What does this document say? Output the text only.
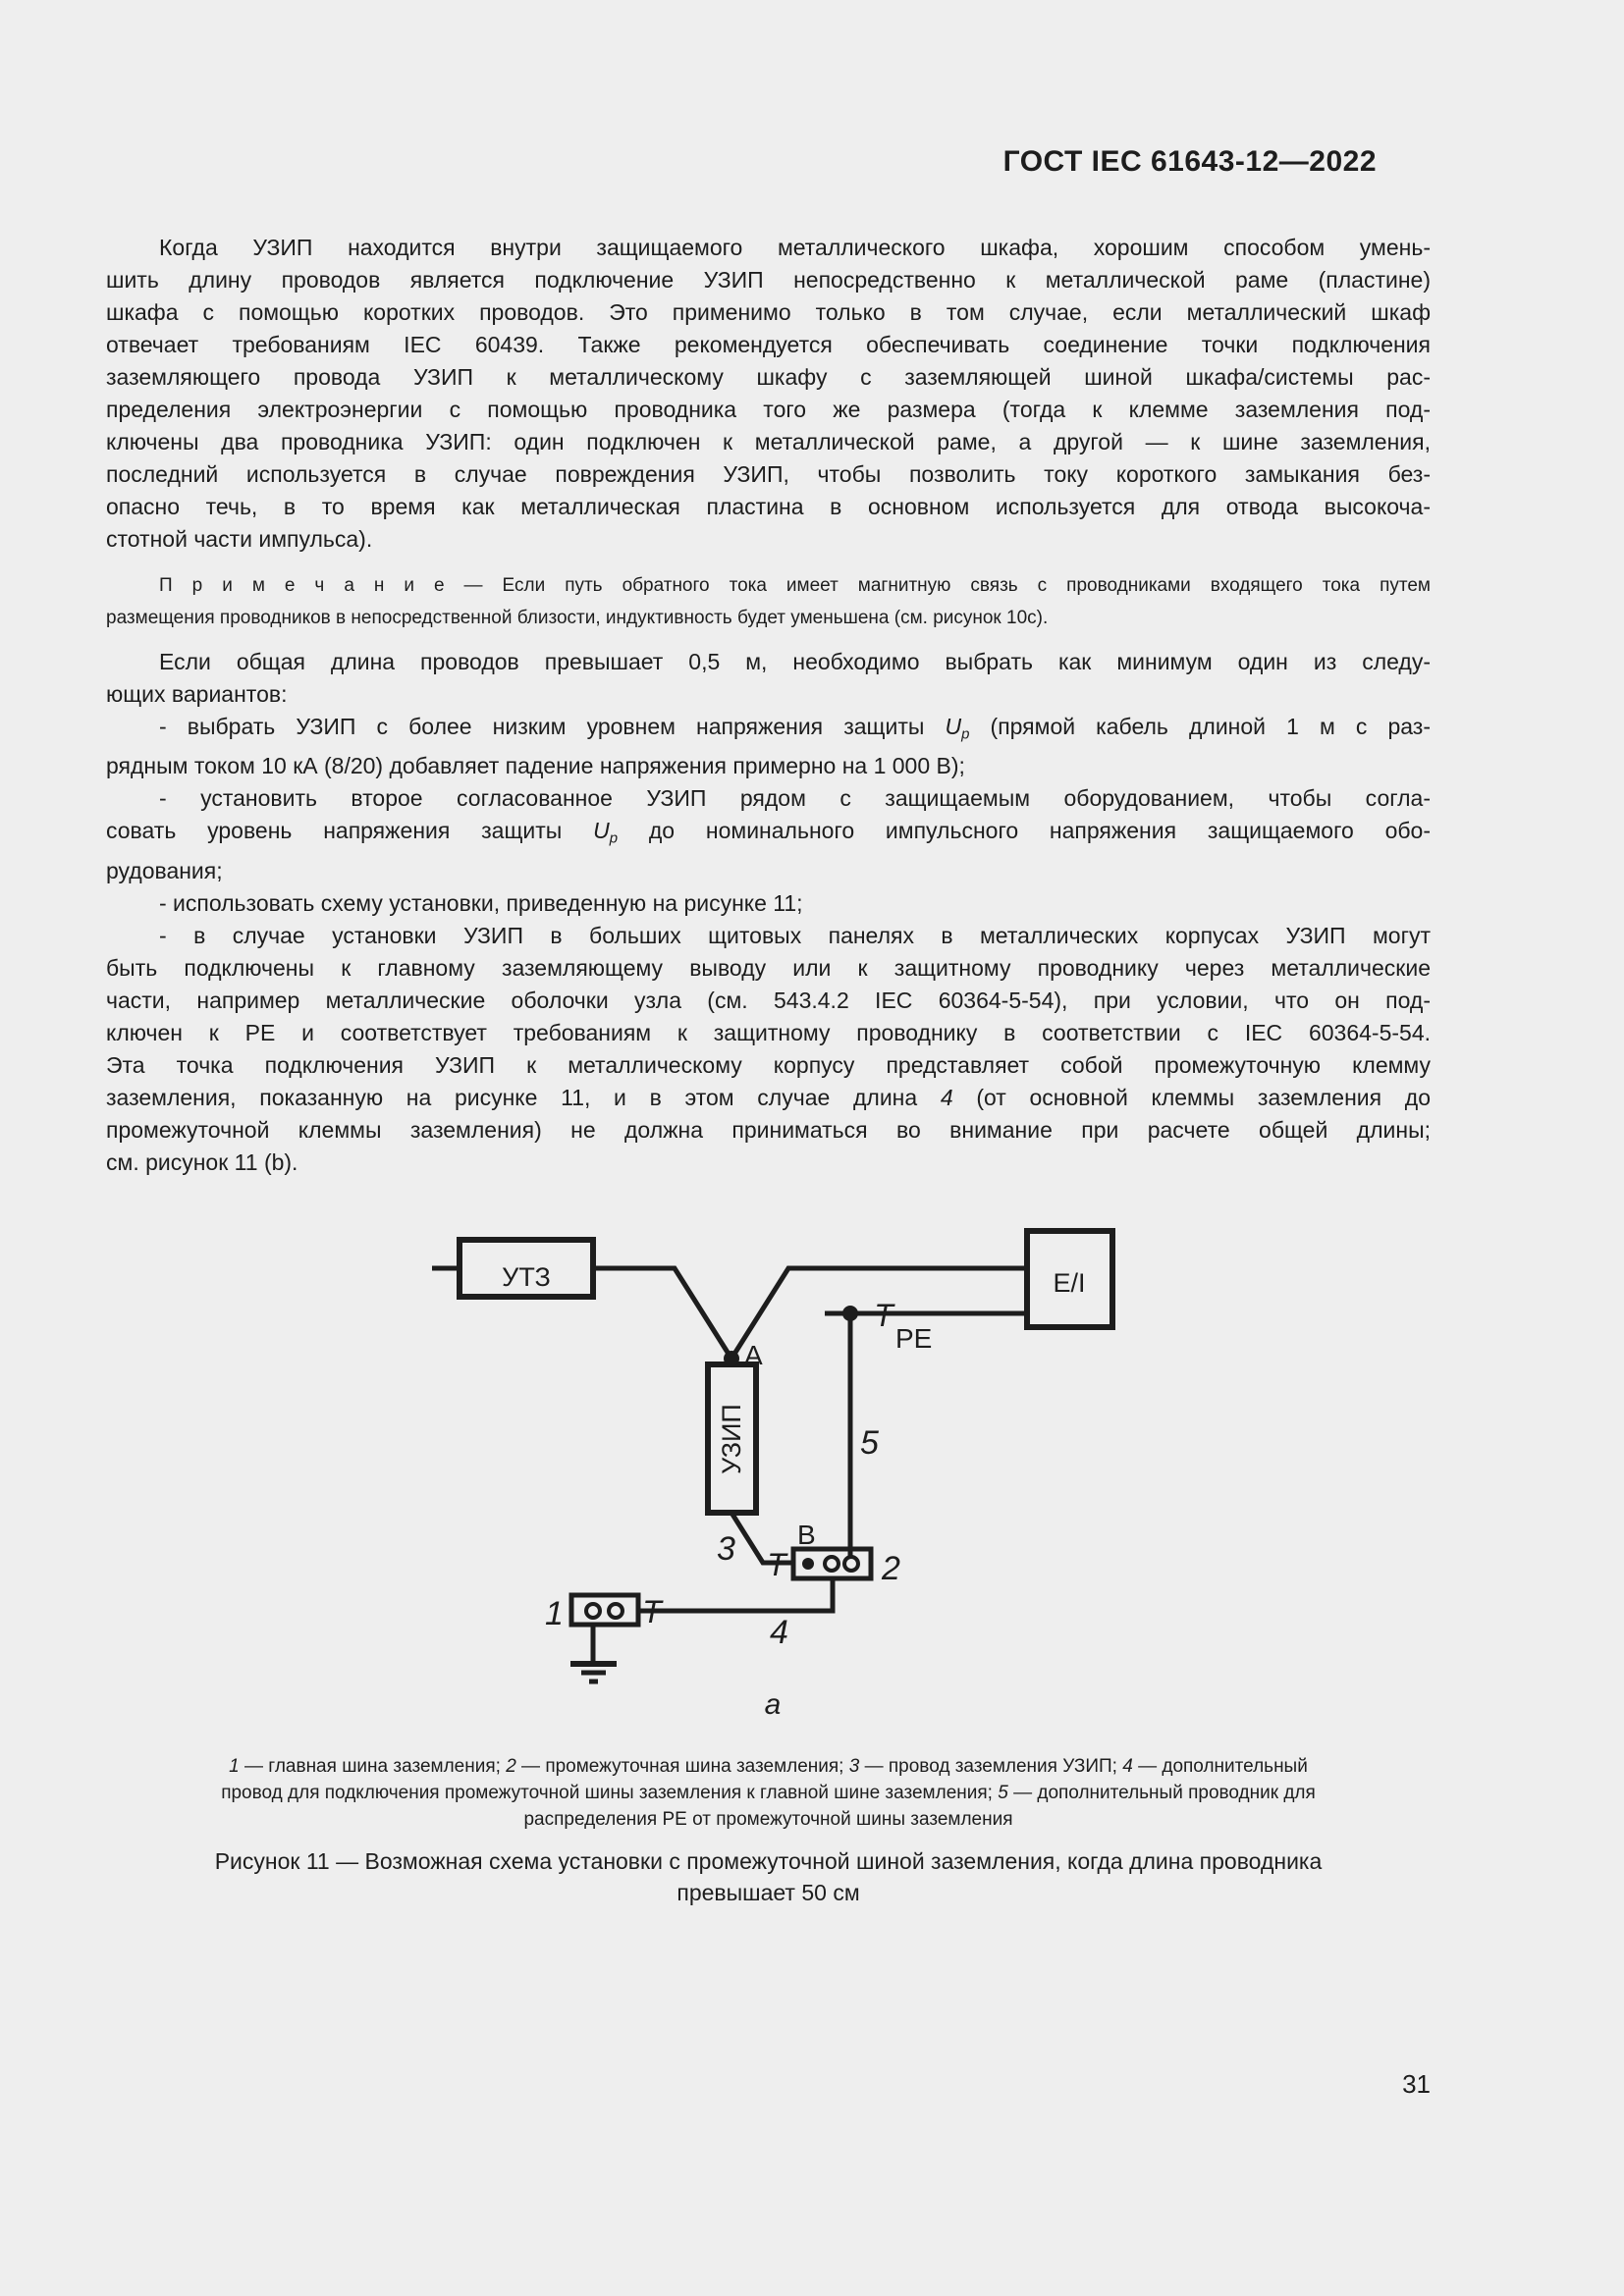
ГОСТ IEC 61643-12—2022
Когда УЗИП находится внутри защищаемого металлического шкафа, хорошим способом умень-
шить длину проводов является подключение УЗИП непосредственно к металлической раме (пластине)
шкафа с помощью коротких проводов. Это применимо только в том случае, если металлический шкаф
отвечает требованиям IEC 60439. Также рекомендуется обеспечивать соединение точки подключения
заземляющего провода УЗИП к металлическому шкафу с заземляющей шиной шкафа/системы рас-
пределения электроэнергии с помощью проводника того же размера (тогда к клемме заземления под-
ключены два проводника УЗИП: один подключен к металлической раме, а другой — к шине заземления,
последний используется в случае повреждения УЗИП, чтобы позволить току короткого замыкания без-
опасно течь, в то время как металлическая пластина в основном используется для отвода высокоча-
стотной части импульса).
П р и м е ч а н и е — Если путь обратного тока имеет магнитную связь с проводниками входящего тока путем
размещения проводников в непосредственной близости, индуктивность будет уменьшена (см. рисунок 10с).
Если общая длина проводов превышает 0,5 м, необходимо выбрать как минимум один из следу-
ющих вариантов:
- выбрать УЗИП с более низким уровнем напряжения защиты $U_р$ (прямой кабель длиной 1 м с раз-
рядным током 10 кА (8/20) добавляет падение напряжения примерно на 1 000 В);
- установить второе согласованное УЗИП рядом с защищаемым оборудованием, чтобы согла-
совать уровень напряжения защиты $U_р$ до номинального импульсного напряжения защищаемого обо-
рудования;
- использовать схему установки, приведенную на рисунке 11;
- в случае установки УЗИП в больших щитовых панелях в металлических корпусах УЗИП могут
быть подключены к главному заземляющему выводу или к защитному проводнику через металлические
части, например металлические оболочки узла (см. 543.4.2 IEC 60364-5-54), при условии, что он под-
ключен к PE и соответствует требованиям к защитному проводнику в соответствии с IEC 60364-5-54.
Эта точка подключения УЗИП к металлическому корпусу представляет собой промежуточную клемму
заземления, показанную на рисунке 11, и в этом случае длина 4 (от основной клеммы заземления до
промежуточной клеммы заземления) не должна приниматься во внимание при расчете общей длины;
см. рисунок 11 (b).
УТЗ	E/I
УЗИП
A
B
PE
T
T
T
1
2
3
4
5
а
1 — главная шина заземления; 2 — промежуточная шина заземления; 3 — провод заземления УЗИП; 4 — дополнительный
провод для подключения промежуточной шины заземления к главной шине заземления; 5 — дополнительный проводник для
распределения PE от промежуточной шины заземления
Рисунок 11 — Возможная схема установки с промежуточной шиной заземления, когда длина проводника
превышает 50 см
31
